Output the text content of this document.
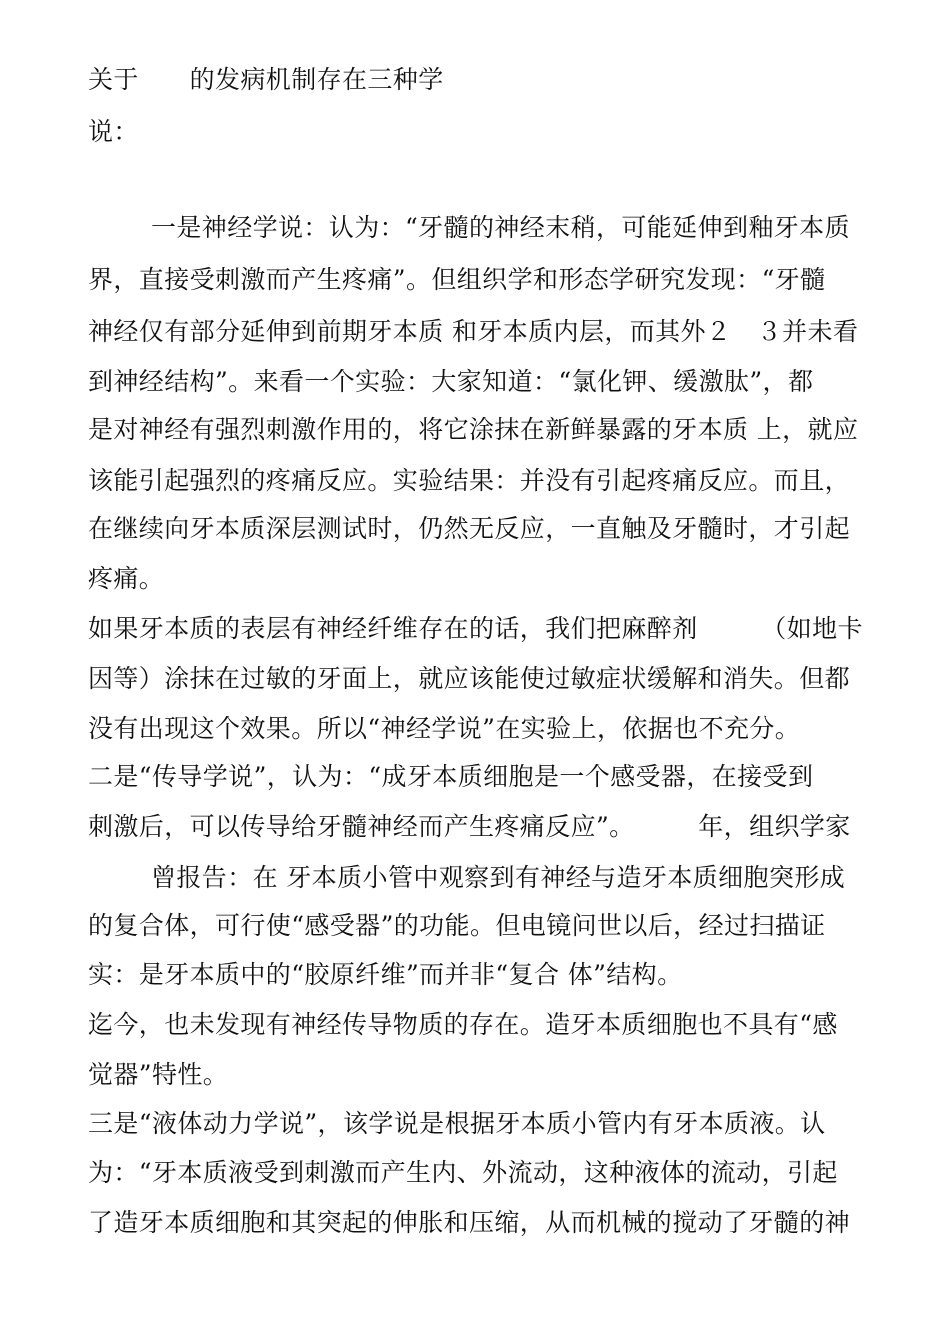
关于　　的发病机制存在三种学
说：
一是神经学说：认为：“牙髓的神经末稍，可能延伸到釉牙本质
界，直接受刺激而产生疼痛”。但组织学和形态学研究发现：“牙髓
神经仅有部分延伸到前期牙本质 和牙本质内层，而其外２　３并未看
到神经结构”。来看一个实验：大家知道：“氯化钾、缓激肽”，都
是对神经有强烈刺激作用的，将它涂抹在新鲜暴露的牙本质 上，就应
该能引起强烈的疼痛反应。实验结果：并没有引起疼痛反应。而且，
在继续向牙本质深层测试时，仍然无反应，一直触及牙髓时，才引起
疼痛。
如果牙本质的表层有神经纤维存在的话，我们把麻醉剂　　　（如地卡
因等）涂抹在过敏的牙面上，就应该能使过敏症状缓解和消失。但都
没有出现这个效果。所以“神经学说”在实验上，依据也不充分。
二是“传导学说”，认为：“成牙本质细胞是一个感受器，在接受到
刺激后，可以传导给牙髓神经而产生疼痛反应”。　　　年，组织学家
曾报告：在 牙本质小管中观察到有神经与造牙本质细胞突形成
的复合体，可行使“感受器”的功能。但电镜问世以后，经过扫描证
实：是牙本质中的“胶原纤维”而并非“复合 体”结构。
迄今，也未发现有神经传导物质的存在。造牙本质细胞也不具有“感
觉器”特性。
三是“液体动力学说”，该学说是根据牙本质小管内有牙本质液。认
为：“牙本质液受到刺激而产生内、外流动，这种液体的流动，引起
了造牙本质细胞和其突起的伸胀和压缩，从而机械的搅动了牙髓的神
